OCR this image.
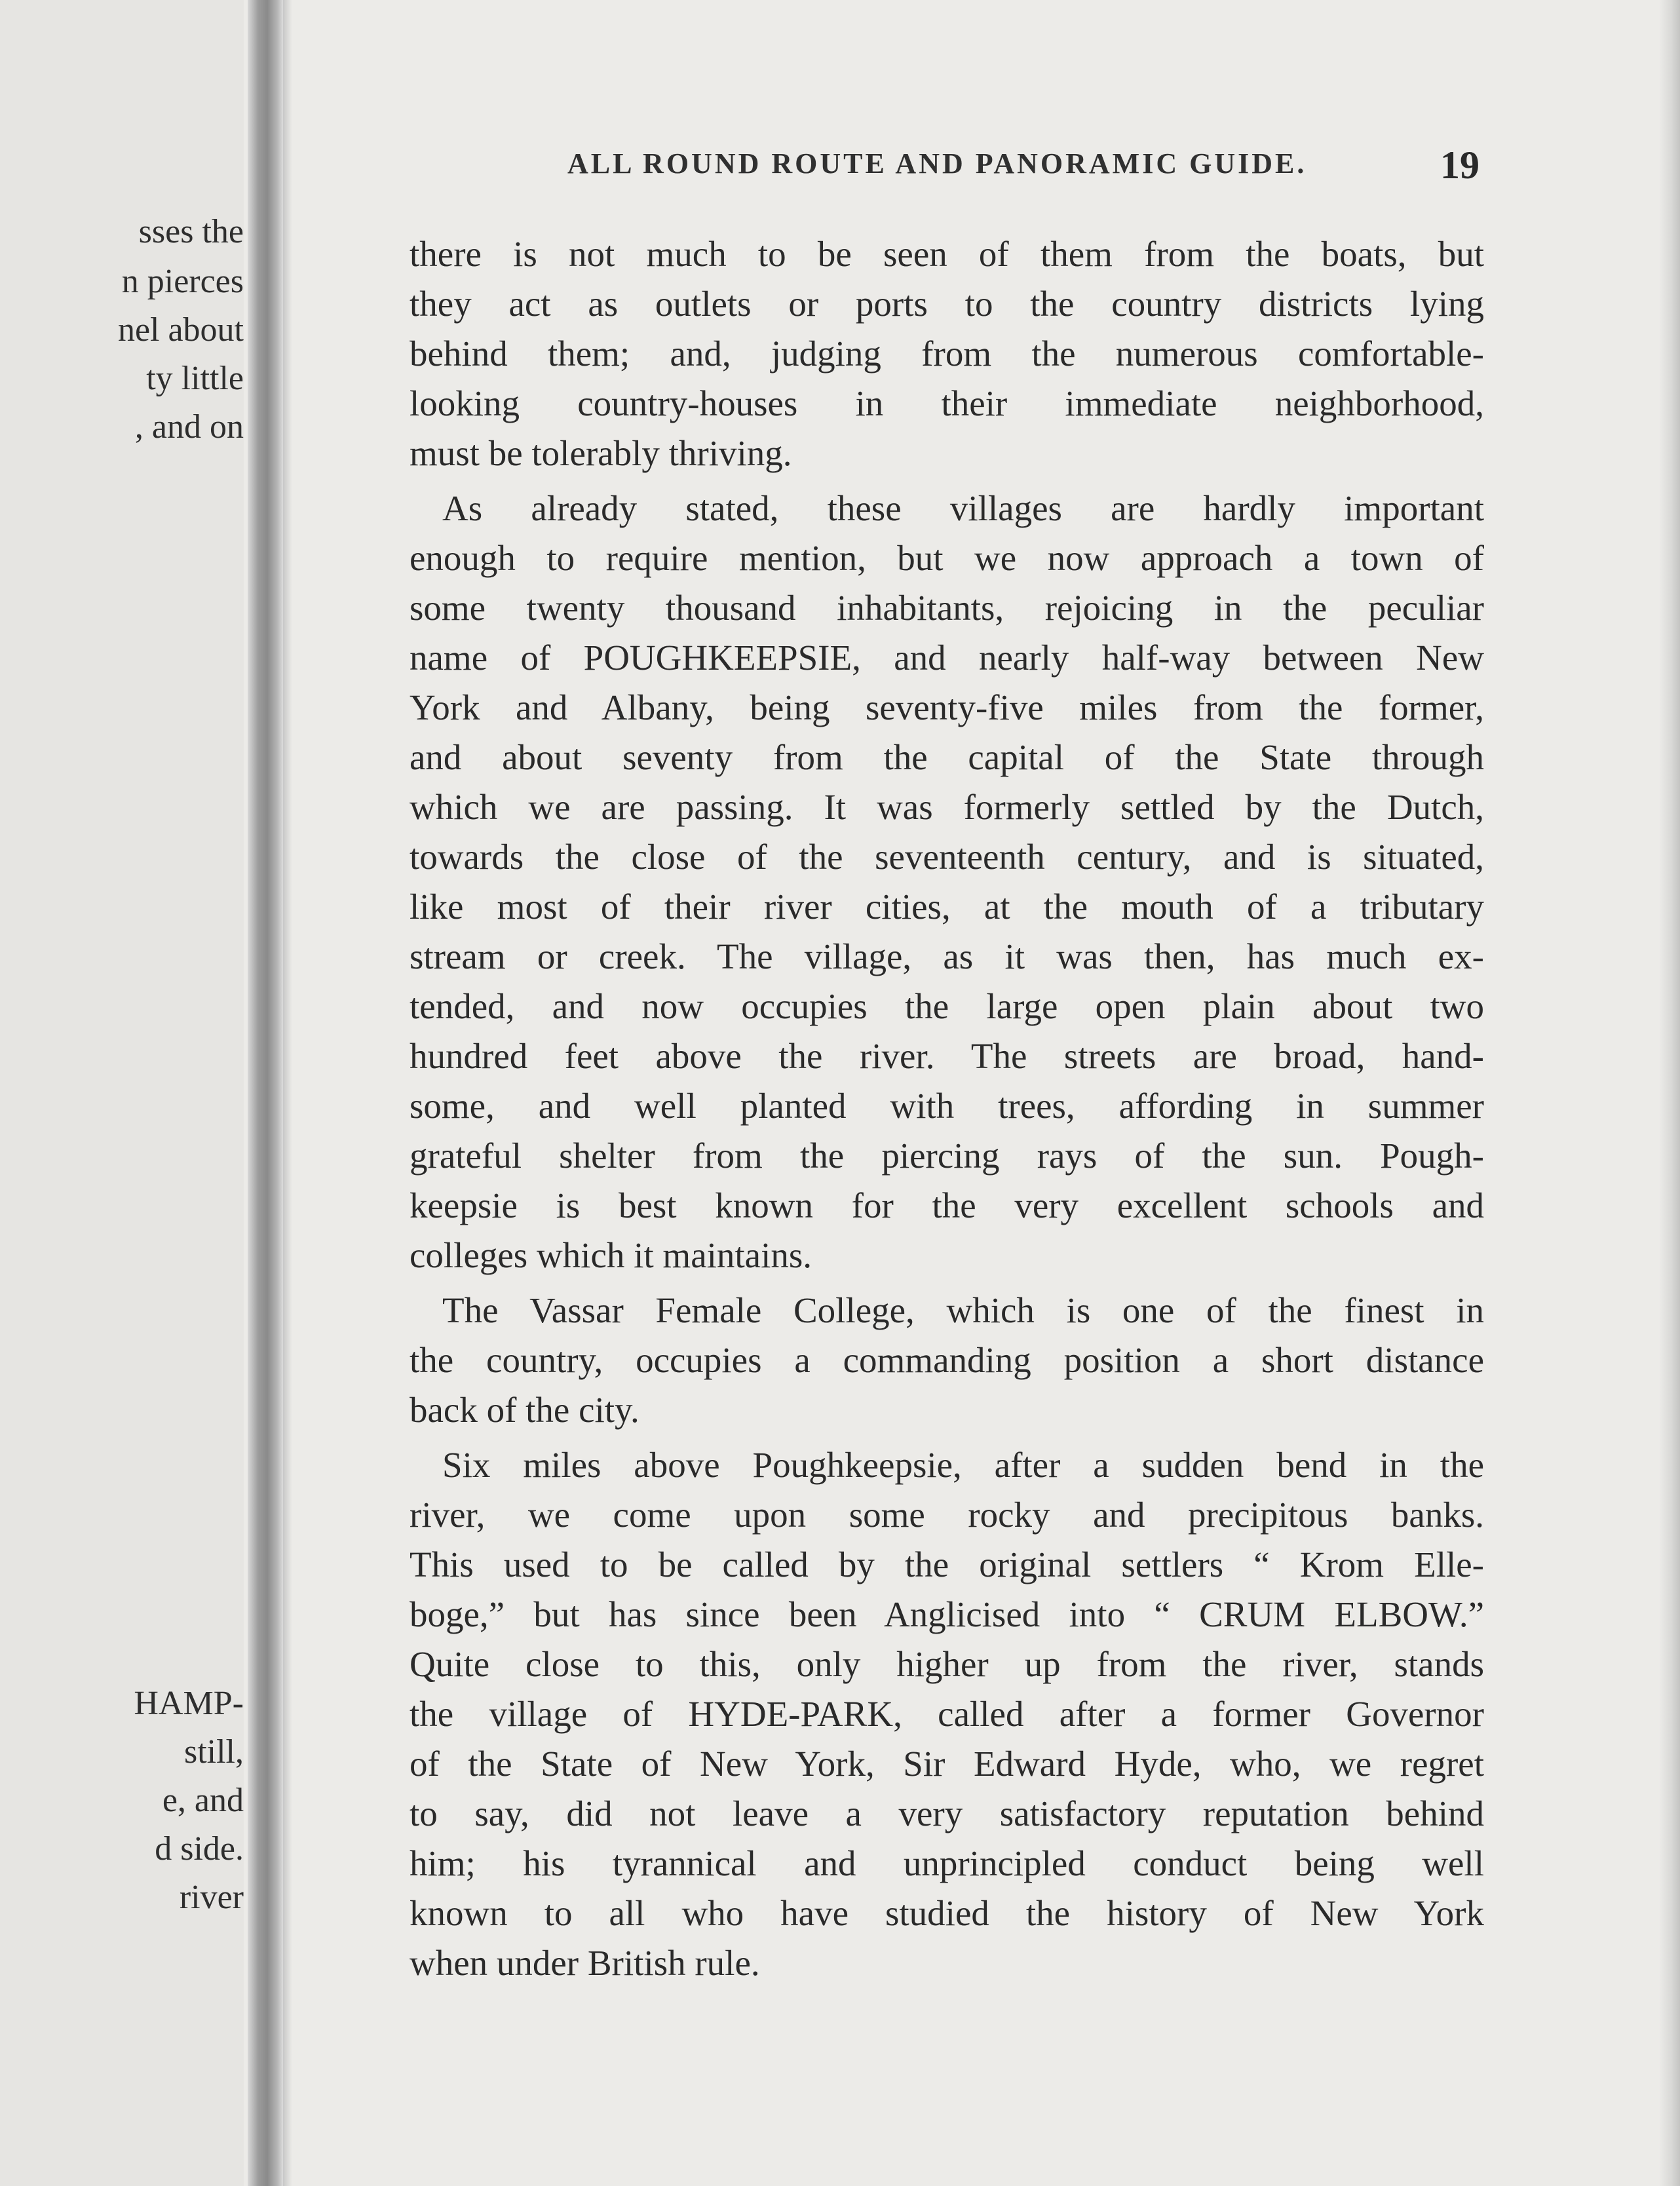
sses the
n pierces
nel about
ty little
, and on
HAMP-
still,
e, and
d side.
river
ALL ROUND ROUTE AND PANORAMIC GUIDE.	19
there is not much to be seen of them from the boats, but
they act as outlets or ports to the country districts lying
behind them; and, judging from the numerous comfortable-
looking country-houses in their immediate neighborhood,
must be tolerably thriving.
As already stated, these villages are hardly important
enough to require mention, but we now approach a town of
some twenty thousand inhabitants, rejoicing in the peculiar
name of POUGHKEEPSIE, and nearly half-way between New
York and Albany, being seventy-five miles from the former,
and about seventy from the capital of the State through
which we are passing. It was formerly settled by the Dutch,
towards the close of the seventeenth century, and is situated,
like most of their river cities, at the mouth of a tributary
stream or creek. The village, as it was then, has much ex-
tended, and now occupies the large open plain about two
hundred feet above the river. The streets are broad, hand-
some, and well planted with trees, affording in summer
grateful shelter from the piercing rays of the sun. Pough-
keepsie is best known for the very excellent schools and
colleges which it maintains.
The Vassar Female College, which is one of the finest in
the country, occupies a commanding position a short distance
back of the city.
Six miles above Poughkeepsie, after a sudden bend in the
river, we come upon some rocky and precipitous banks.
This used to be called by the original settlers “ Krom Elle-
boge,” but has since been Anglicised into “ CRUM ELBOW.”
Quite close to this, only higher up from the river, stands
the village of HYDE-PARK, called after a former Governor
of the State of New York, Sir Edward Hyde, who, we regret
to say, did not leave a very satisfactory reputation behind
him; his tyrannical and unprincipled conduct being well
known to all who have studied the history of New York
when under British rule.
